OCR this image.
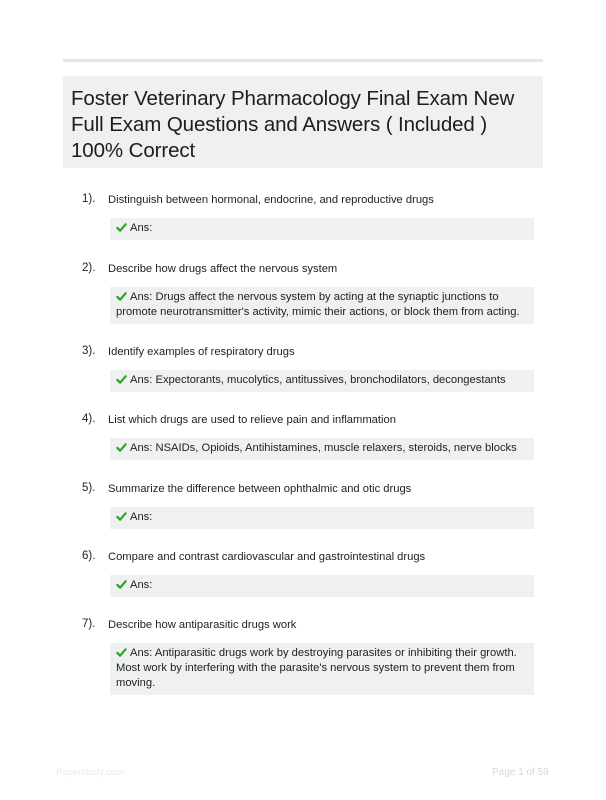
Foster Veterinary Pharmacology Final Exam New Full Exam Questions and Answers ( Included ) 100% Correct
1). Distinguish between hormonal, endocrine, and reproductive drugs
Ans:
2). Describe how drugs affect the nervous system
Ans: Drugs affect the nervous system by acting at the synaptic junctions to promote neurotransmitter's activity, mimic their actions, or block them from acting.
3). Identify examples of respiratory drugs
Ans: Expectorants, mucolytics, antitussives, bronchodilators, decongestants
4). List which drugs are used to relieve pain and inflammation
Ans: NSAIDs, Opioids, Antihistamines, muscle relaxers, steroids, nerve blocks
5). Summarize the difference between ophthalmic and otic drugs
Ans:
6). Compare and contrast cardiovascular and gastrointestinal drugs
Ans:
7). Describe how antiparasitic drugs work
Ans: Antiparasitic drugs work by destroying parasites or inhibiting their growth. Most work by interfering with the parasite's nervous system to prevent them from moving.
Paperstudy.com	Page 1 of 59
